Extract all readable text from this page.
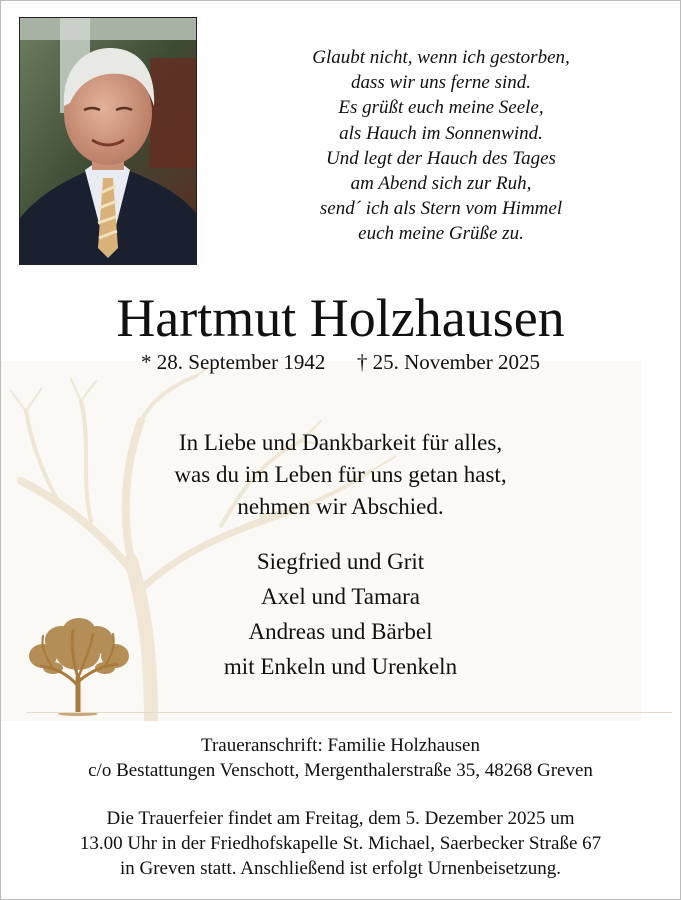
Glaubt nicht, wenn ich gestorben,
dass wir uns ferne sind.
Es grüßt euch meine Seele,
als Hauch im Sonnenwind.
Und legt der Hauch des Tages
am Abend sich zur Ruh,
send´ ich als Stern vom Himmel
euch meine Grüße zu.
Hartmut Holzhausen
* 28. September 1942      † 25. November 2025
In Liebe und Dankbarkeit für alles,
was du im Leben für uns getan hast,
nehmen wir Abschied.
Siegfried und Grit
Axel und Tamara
Andreas und Bärbel
mit Enkeln und Urenkeln
Traueranschrift: Familie Holzhausen
c/o Bestattungen Venschott, Mergenthalerstraße 35, 48268 Greven
Die Trauerfeier findet am Freitag, dem 5. Dezember 2025 um
13.00 Uhr in der Friedhofskapelle St. Michael, Saerbecker Straße 67
in Greven statt. Anschließend ist erfolgt Urnenbeisetzung.
